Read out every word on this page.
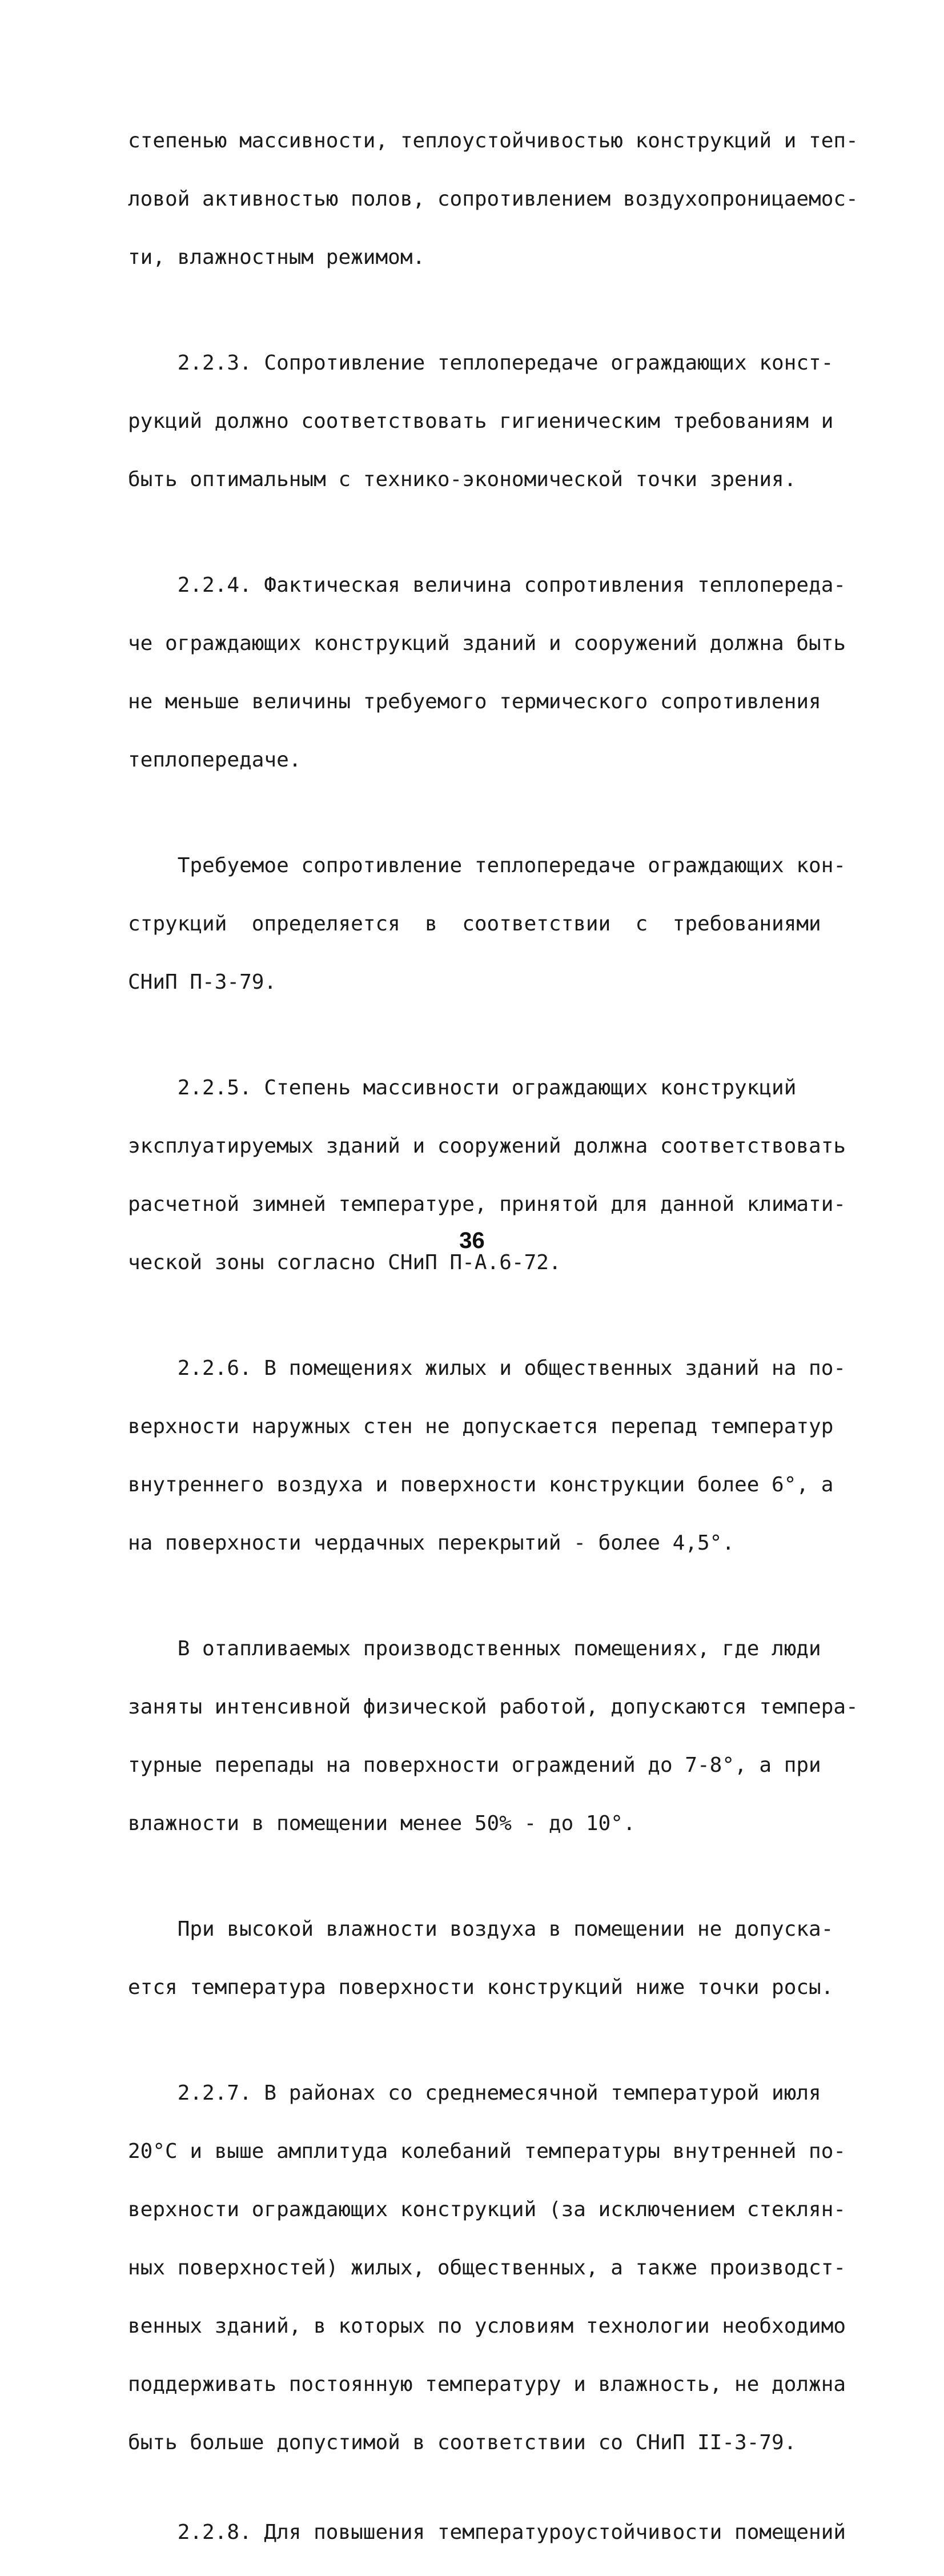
степенью массивности, теплоустойчивостью конструкций и теп-

ловой активностью полов, сопротивлением воздухопроницаемос-

ти, влажностным режимом.

2.2.3. Сопротивление теплопередаче ограждающих конст-

рукций должно соответствовать гигиеническим требованиям и

быть оптимальным с технико-экономической точки зрения.

2.2.4. Фактическая величина сопротивления теплопереда-

че ограждающих конструкций зданий и сооружений должна быть

не меньше величины требуемого термического сопротивления

теплопередаче.

Требуемое сопротивление теплопередаче ограждающих кон-

струкций  определяется  в  соответствии  с  требованиями

СНиП П-3-79.

2.2.5. Степень массивности ограждающих конструкций

эксплуатируемых зданий и сооружений должна соответствовать

расчетной зимней температуре, принятой для данной климати-

ческой зоны согласно СНиП П-А.6-72.

2.2.6. В помещениях жилых и общественных зданий на по-

верхности наружных стен не допускается перепад температур

внутреннего воздуха и поверхности конструкции более 6°, а

на поверхности чердачных перекрытий - более 4,5°.

В отапливаемых производственных помещениях, где люди

заняты интенсивной физической работой, допускаются темпера-

турные перепады на поверхности ограждений до 7-8°, а при

влажности в помещении менее 50% - до 10°.

При высокой влажности воздуха в помещении не допуска-

ется температура поверхности конструкций ниже точки росы.

2.2.7. В районах со среднемесячной температурой июля

20°С и выше амплитуда колебаний температуры внутренней по-

верхности ограждающих конструкций (за исключением стеклян-

ных поверхностей) жилых, общественных, а также производст-

венных зданий, в которых по условиям технологии необходимо

поддерживать постоянную температуру и влажность, не должна

быть больше допустимой в соответствии со СНиП II-3-79.

2.2.8. Для повышения температуроустойчивости помещений

36
